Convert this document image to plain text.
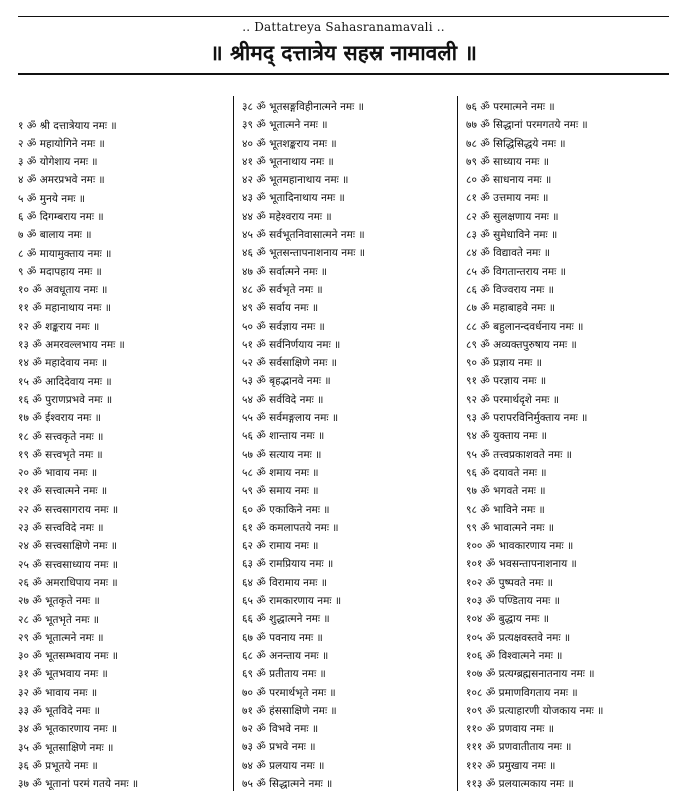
.. Dattatreya Sahasranamavali ..
॥ श्रीमद् दत्तात्रेय सहस्र नामावली ॥
१ ॐ श्री दत्तात्रेयाय नमः ॥
२ ॐ महायोगिने नमः ॥
३ ॐ योगेशाय नमः ॥
४ ॐ अमरप्रभवे नमः ॥
५ ॐ मुनये नमः ॥
६ ॐ दिगम्बराय नमः ॥
७ ॐ बालाय नमः ॥
८ ॐ मायामुक्ताय नमः ॥
९ ॐ मदापहाय नमः ॥
१० ॐ अवधूताय नमः ॥
११ ॐ महानाथाय नमः ॥
१२ ॐ शङ्कराय नमः ॥
१३ ॐ अमरवल्लभाय नमः ॥
१४ ॐ महादेवाय नमः ॥
१५ ॐ आदिदेवाय नमः ॥
१६ ॐ पुराणप्रभवे नमः ॥
१७ ॐ ईश्वराय नमः ॥
१८ ॐ सत्त्वकृते नमः ॥
१९ ॐ सत्त्वभृते नमः ॥
२० ॐ भावाय नमः ॥
२१ ॐ सत्त्वात्मने नमः ॥
२२ ॐ सत्त्वसागराय नमः ॥
२३ ॐ सत्त्वविदे नमः ॥
२४ ॐ सत्त्वसाक्षिणे नमः ॥
२५ ॐ सत्त्वसाध्याय नमः ॥
२६ ॐ अमराधिपाय नमः ॥
२७ ॐ भूतकृते नमः ॥
२८ ॐ भूतभृते नमः ॥
२९ ॐ भूतात्मने नमः ॥
३० ॐ भूतसम्भवाय नमः ॥
३१ ॐ भूतभवाय नमः ॥
३२ ॐ भावाय नमः ॥
३३ ॐ भूतविदे नमः ॥
३४ ॐ भूतकारणाय नमः ॥
३५ ॐ भूतसाक्षिणे नमः ॥
३६ ॐ प्रभूतये नमः ॥
३७ ॐ भूतानां परमं गतये नमः ॥
३८ ॐ भूतसङ्गविहीनात्मने नमः ॥
३९ ॐ भूतात्मने नमः ॥
४० ॐ भूतशङ्कराय नमः ॥
४१ ॐ भूतनाथाय नमः ॥
४२ ॐ भूतमहानाथाय नमः ॥
४३ ॐ भूतादिनाथाय नमः ॥
४४ ॐ महेश्वराय नमः ॥
४५ ॐ सर्वभूतनिवासात्मने नमः ॥
४६ ॐ भूतसन्तापनाशनाय नमः ॥
४७ ॐ सर्वात्मने नमः ॥
४८ ॐ सर्वभृते नमः ॥
४९ ॐ सर्वाय नमः ॥
५० ॐ सर्वज्ञाय नमः ॥
५१ ॐ सर्वनिर्णयाय नमः ॥
५२ ॐ सर्वसाक्षिणे नमः ॥
५३ ॐ बृहद्भानवे नमः ॥
५४ ॐ सर्वविदे नमः ॥
५५ ॐ सर्वमङ्गलाय नमः ॥
५६ ॐ शान्ताय नमः ॥
५७ ॐ सत्याय नमः ॥
५८ ॐ शमाय नमः ॥
५९ ॐ समाय नमः ॥
६० ॐ एकाकिने नमः ॥
६१ ॐ कमलापतये नमः ॥
६२ ॐ रामाय नमः ॥
६३ ॐ रामप्रियाय नमः ॥
६४ ॐ विरामाय नमः ॥
६५ ॐ रामकारणाय नमः ॥
६६ ॐ शुद्धात्मने नमः ॥
६७ ॐ पवनाय नमः ॥
६८ ॐ अनन्ताय नमः ॥
६९ ॐ प्रतीताय नमः ॥
७० ॐ परमार्थभृते नमः ॥
७१ ॐ हंससाक्षिणे नमः ॥
७२ ॐ विभवे नमः ॥
७३ ॐ प्रभवे नमः ॥
७४ ॐ प्रलयाय नमः ॥
७५ ॐ सिद्धात्मने नमः ॥
७६ ॐ परमात्मने नमः ॥
७७ ॐ सिद्धानां परमगतये नमः ॥
७८ ॐ सिद्धिसिद्धये नमः ॥
७९ ॐ साध्याय नमः ॥
८० ॐ साधनाय नमः ॥
८१ ॐ उत्तमाय नमः ॥
८२ ॐ सुलक्षणाय नमः ॥
८३ ॐ सुमेधाविने नमः ॥
८४ ॐ विद्यावते नमः ॥
८५ ॐ विगतान्तराय नमः ॥
८६ ॐ विज्वराय नमः ॥
८७ ॐ महाबाहवे नमः ॥
८८ ॐ बहुलानन्दवर्धनाय नमः ॥
८९ ॐ अव्यक्तपुरुषाय नमः ॥
९० ॐ प्रज्ञाय नमः ॥
९१ ॐ परज्ञाय नमः ॥
९२ ॐ परमार्थदृशे नमः ॥
९३ ॐ परापरविनिर्मुक्ताय नमः ॥
९४ ॐ युक्ताय नमः ॥
९५ ॐ तत्त्वप्रकाशवते नमः ॥
९६ ॐ दयावते नमः ॥
९७ ॐ भगवते नमः ॥
९८ ॐ भाविने नमः ॥
९९ ॐ भावात्मने नमः ॥
१०० ॐ भावकारणाय नमः ॥
१०१ ॐ भवसन्तापनाशनाय ॥
१०२ ॐ पुष्पवते नमः ॥
१०३ ॐ पण्डिताय नमः ॥
१०४ ॐ बुद्धाय नमः ॥
१०५ ॐ प्रत्यक्षवस्तवे नमः ॥
१०६ ॐ विश्वात्मने नमः ॥
१०७ ॐ प्रत्यग्ब्रह्मसनातनाय नमः ॥
१०८ ॐ प्रमाणविगताय नमः ॥
१०९ ॐ प्रत्याहारणी योजकाय नमः ॥
११० ॐ प्रणवाय नमः ॥
१११ ॐ प्रणवातीताय नमः ॥
११२ ॐ प्रमुखाय नमः ॥
११३ ॐ प्रलयात्मकाय नमः ॥
